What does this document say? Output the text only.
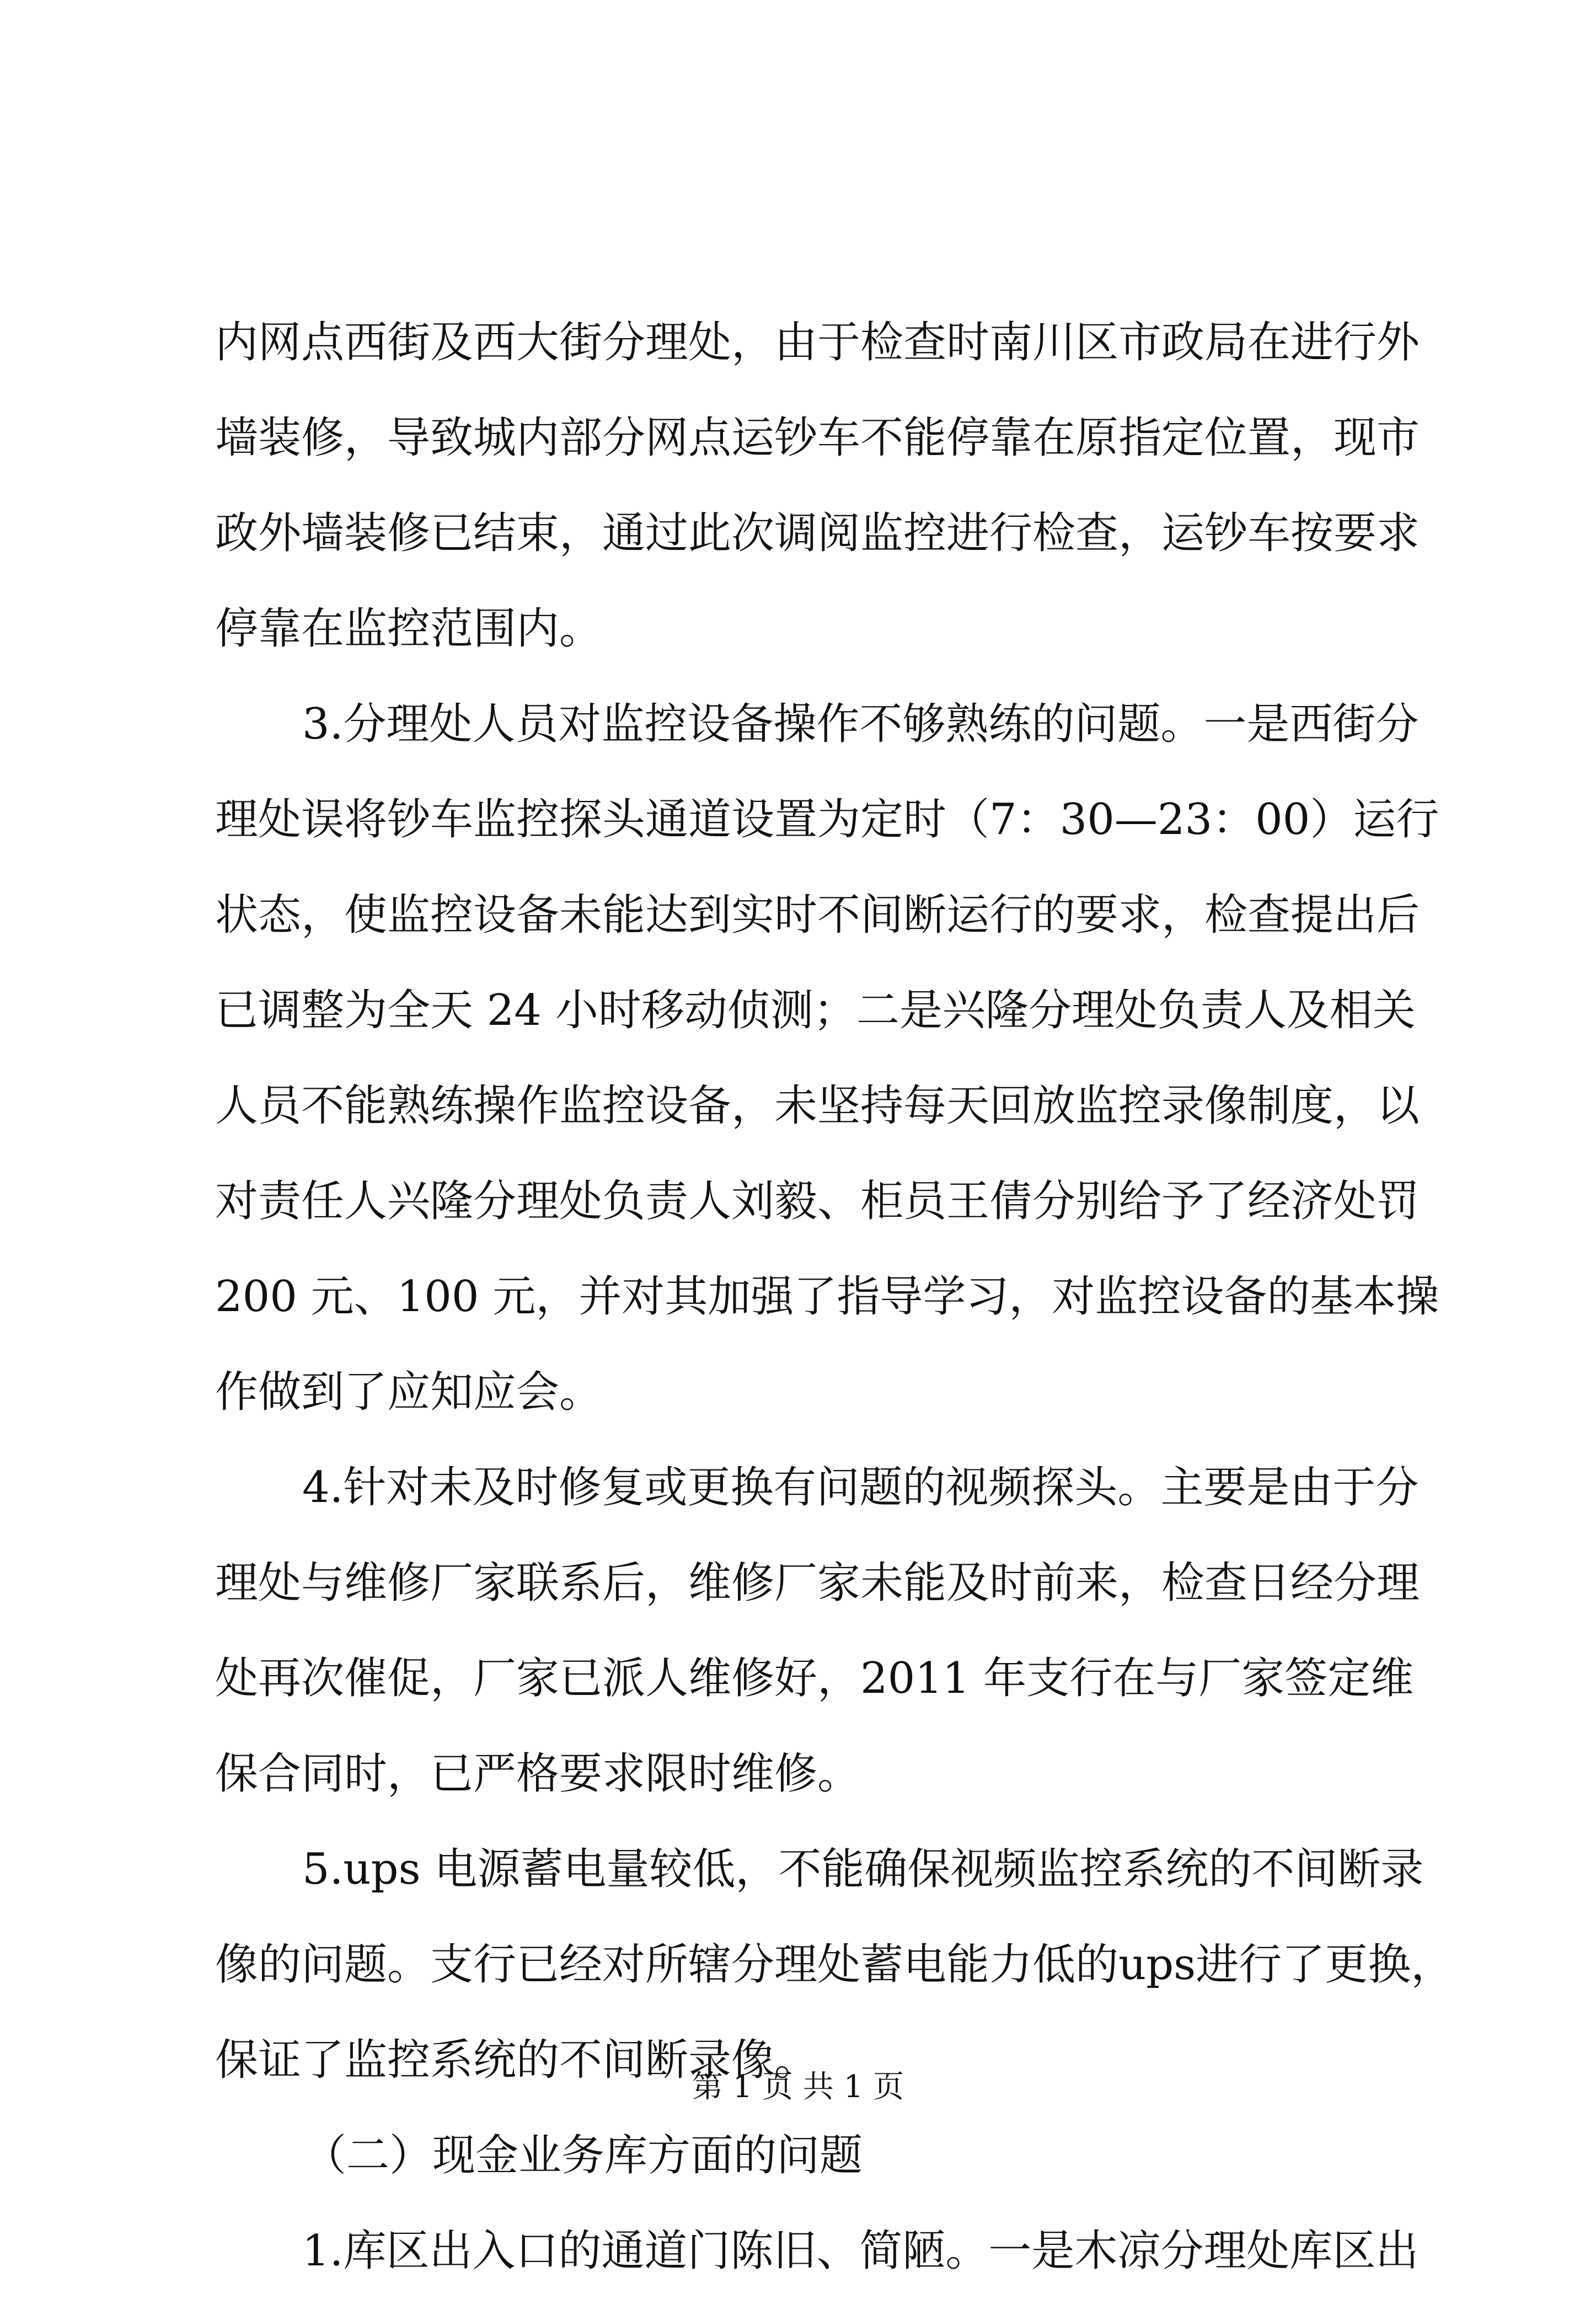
内网点西街及西大街分理处，由于检查时南川区市政局在进行外
墙装修，导致城内部分网点运钞车不能停靠在原指定位置，现市
政外墙装修已结束，通过此次调阅监控进行检查，运钞车按要求
停靠在监控范围内。
3.分理处人员对监控设备操作不够熟练的问题。一是西街分
理处误将钞车监控探头通道设置为定时（7：30—23：00）运行
状态，使监控设备未能达到实时不间断运行的要求，检查提出后
已调整为全天 24 小时移动侦测；二是兴隆分理处负责人及相关
人员不能熟练操作监控设备，未坚持每天回放监控录像制度，以
对责任人兴隆分理处负责人刘毅、柜员王倩分别给予了经济处罚
200 元、100 元，并对其加强了指导学习，对监控设备的基本操
作做到了应知应会。
4.针对未及时修复或更换有问题的视频探头。主要是由于分
理处与维修厂家联系后，维修厂家未能及时前来，检查日经分理
处再次催促，厂家已派人维修好，2011 年支行在与厂家签定维
保合同时，已严格要求限时维修。
5.ups 电源蓄电量较低，不能确保视频监控系统的不间断录
像的问题。支行已经对所辖分理处蓄电能力低的ups进行了更换，
保证了监控系统的不间断录像。
（二）现金业务库方面的问题
1.库区出入口的通道门陈旧、简陋。一是木凉分理处库区出
第 1 页 共 1 页
